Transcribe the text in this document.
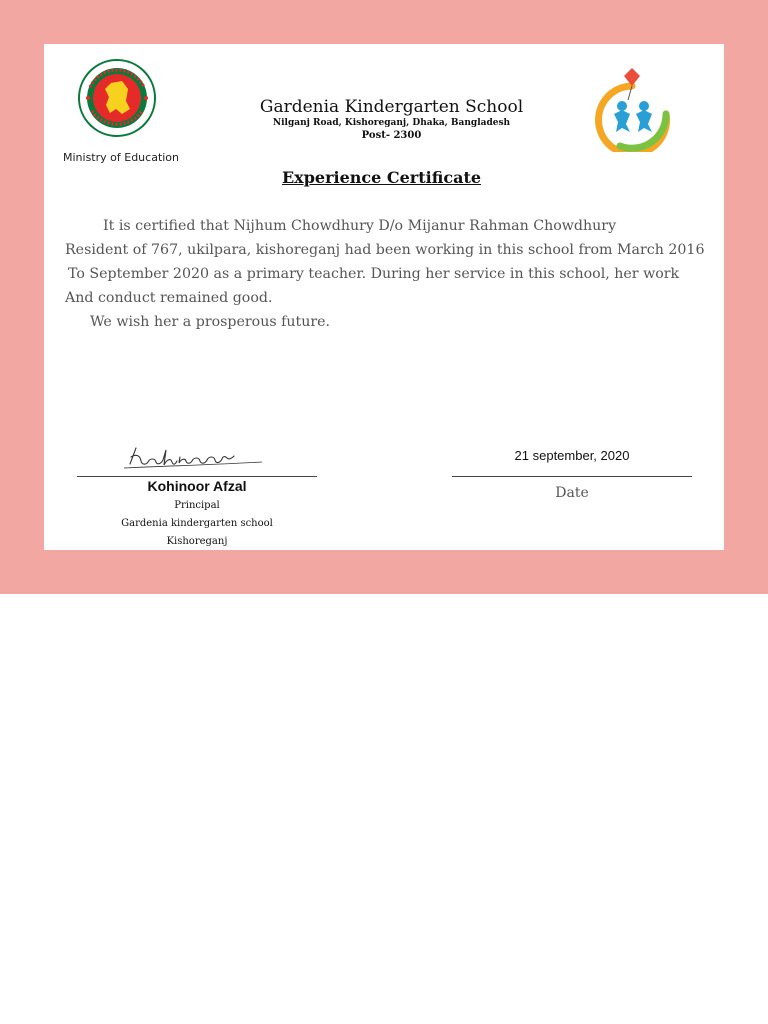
Ministry of Education
Gardenia Kindergarten School
Nilganj Road, Kishoreganj, Dhaka, Bangladesh
Post- 2300
Experience Certificate
It is certified that Nijhum Chowdhury D/o Mijanur Rahman Chowdhury
Resident of 767, ukilpara, kishoreganj had been working in this school from March 2016
To September 2020 as a primary teacher. During her service in this school, her work
And conduct remained good.
We wish her a prosperous future.
Kohinoor Afzal
Principal
Gardenia kindergarten school
Kishoreganj
21 september, 2020
Date
